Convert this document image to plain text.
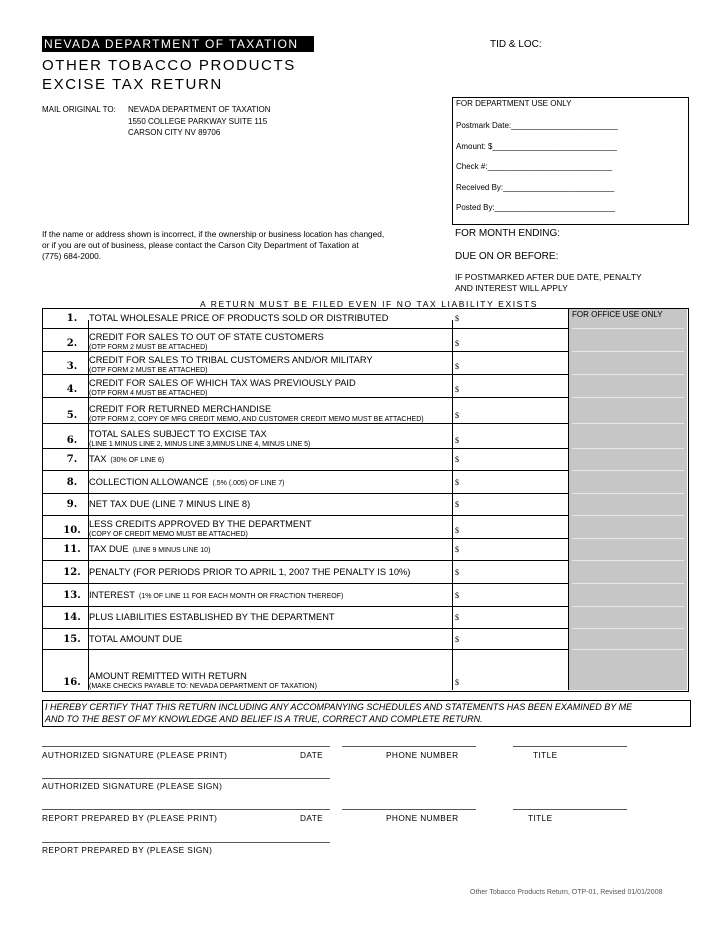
NEVADA DEPARTMENT OF TAXATION	TID & LOC:
OTHER TOBACCO PRODUCTS
EXCISE TAX RETURN
MAIL ORIGINAL TO: NEVADA DEPARTMENT OF TAXATION
1550 COLLEGE PARKWAY SUITE 115
CARSON CITY NV 89706
FOR DEPARTMENT USE ONLY
Postmark Date:________________________
Amount: $____________________________
Check #:____________________________
Received By:_________________________
Posted By:___________________________
If the name or address shown is incorrect, if the ownership or business location has changed,
or if you are out of business, please contact the Carson City Department of Taxation at
(775) 684-2000.
FOR MONTH ENDING:
DUE ON OR BEFORE:
IF POSTMARKED AFTER DUE DATE, PENALTY
AND INTEREST WILL APPLY
A RETURN MUST BE FILED EVEN IF NO TAX LIABILITY EXISTS
FOR OFFICE USE ONLY
1.	TOTAL WHOLESALE PRICE OF PRODUCTS SOLD OR DISTRIBUTED	$
2.
CREDIT FOR SALES TO OUT OF STATE CUSTOMERS
(OTP FORM 2 MUST BE ATTACHED)	$
3.
CREDIT FOR SALES TO TRIBAL CUSTOMERS AND/OR MILITARY
(OTP FORM 2 MUST BE ATTACHED)	$
4.
CREDIT FOR SALES OF WHICH TAX WAS PREVIOUSLY PAID
(OTP FORM 4 MUST BE ATTACHED)	$
5.
CREDIT FOR RETURNED MERCHANDISE
(OTP FORM 2, COPY OF MFG CREDIT MEMO, AND CUSTOMER CREDIT MEMO MUST BE ATTACHED)	$
6.
TOTAL SALES SUBJECT TO EXCISE TAX
(LINE 1 MINUS LINE 2, MINUS LINE 3,MINUS LINE 4, MINUS LINE 5)	$
7.	TAX (30% OF LINE 6)	$
8.	COLLECTION ALLOWANCE (.5% (.005) OF LINE 7)	$
9.	NET TAX DUE (LINE 7 MINUS LINE 8)	$
10.
LESS CREDITS APPROVED BY THE DEPARTMENT
(COPY OF CREDIT MEMO MUST BE ATTACHED)	$
11. TAX DUE (LINE 9 MINUS LINE 10)	$
12. PENALTY (FOR PERIODS PRIOR TO APRIL 1, 2007 THE PENALTY IS 10%)	$
13. INTEREST (1% OF LINE 11 FOR EACH MONTH OR FRACTION THEREOF)	$
14. PLUS LIABILITIES ESTABLISHED BY THE DEPARTMENT	$
15. TOTAL AMOUNT DUE	$
16.
AMOUNT REMITTED WITH RETURN
(MAKE CHECKS PAYABLE TO: NEVADA DEPARTMENT OF TAXATION)	$
I HEREBY CERTIFY THAT THIS RETURN INCLUDING ANY ACCOMPANYING SCHEDULES AND STATEMENTS HAS BEEN EXAMINED BY ME
AND TO THE BEST OF MY KNOWLEDGE AND BELIEF IS A TRUE, CORRECT AND COMPLETE RETURN.
AUTHORIZED SIGNATURE (PLEASE PRINT)	DATE	PHONE NUMBER	TITLE
AUTHORIZED SIGNATURE (PLEASE SIGN)
REPORT PREPARED BY (PLEASE PRINT)	DATE	PHONE NUMBER	TITLE
REPORT PREPARED BY (PLEASE SIGN)
Other Tobacco Products Return, OTP-01, Revised 01/01/2008
